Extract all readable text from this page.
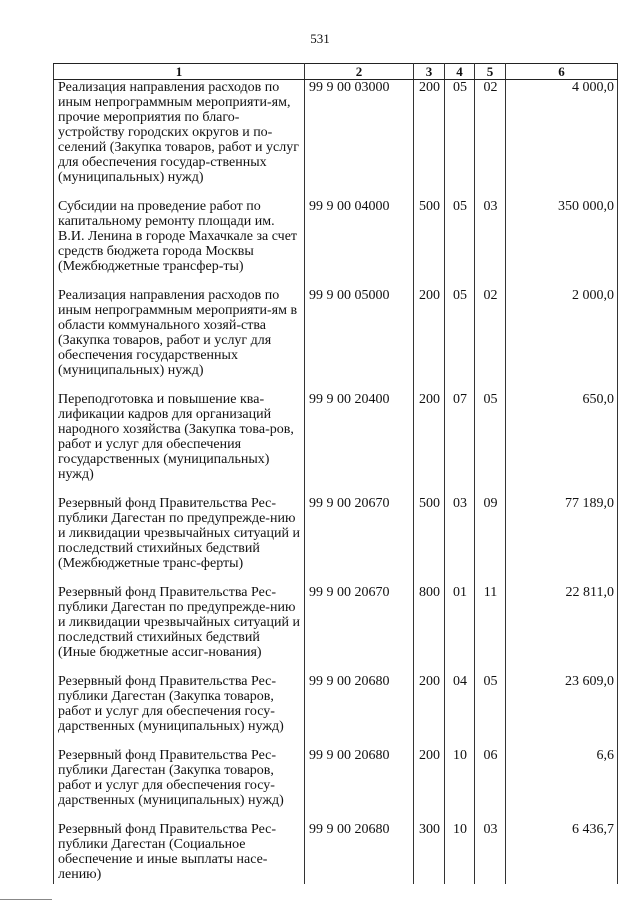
531
1	2	3	4	5	6
Реализация направления расходов по иным непрограммным мероприяти-ям, прочие мероприятия по благо-устройству городских округов и по-селений (Закупка товаров, работ и услуг для обеспечения государ-ственных (муниципальных) нужд)	99 9 00 03000	200	05	02	4 000,0

Субсидии на проведение работ по капитальному ремонту площади им. В.И. Ленина в городе Махачкале за счет средств бюджета города Москвы (Межбюджетные трансфер-ты)	99 9 00 04000	500	05	03	350 000,0

Реализация направления расходов по иным непрограммным мероприяти-ям в области коммунального хозяй-ства (Закупка товаров, работ и услуг для обеспечения государственных (муниципальных) нужд)	99 9 00 05000	200	05	02	2 000,0

Переподготовка и повышение ква-лификации кадров для организаций народного хозяйства (Закупка това-ров, работ и услуг для обеспечения государственных (муниципальных) нужд)	99 9 00 20400	200	07	05	650,0

Резервный фонд Правительства Рес-публики Дагестан по предупрежде-нию и ликвидации чрезвычайных ситуаций и последствий стихийных бедствий (Межбюджетные транс-ферты)	99 9 00 20670	500	03	09	77 189,0

Резервный фонд Правительства Рес-публики Дагестан по предупрежде-нию и ликвидации чрезвычайных ситуаций и последствий стихийных бедствий (Иные бюджетные ассиг-нования)	99 9 00 20670	800	01	11	22 811,0

Резервный фонд Правительства Рес-публики Дагестан (Закупка товаров, работ и услуг для обеспечения госу-дарственных (муниципальных) нужд)	99 9 00 20680	200	04	05	23 609,0

Резервный фонд Правительства Рес-публики Дагестан (Закупка товаров, работ и услуг для обеспечения госу-дарственных (муниципальных) нужд)	99 9 00 20680	200	10	06	6,6

Резервный фонд Правительства Рес-публики Дагестан (Социальное обеспечение и иные выплаты насе-лению)	99 9 00 20680	300	10	03	6 436,7
